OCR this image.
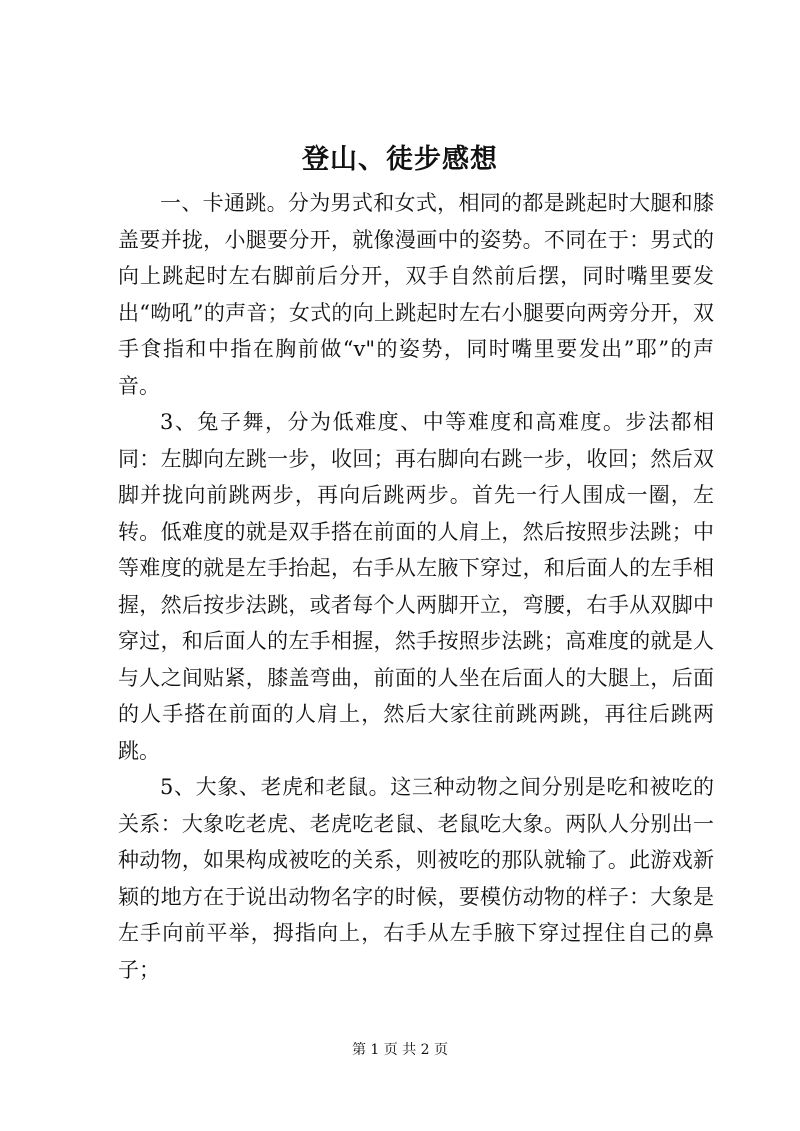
登山、徒步感想

一、卡通跳。分为男式和女式，相同的都是跳起时大腿和膝盖要并拢，小腿要分开，就像漫画中的姿势。不同在于：男式的向上跳起时左右脚前后分开，双手自然前后摆，同时嘴里要发出“呦吼”的声音；女式的向上跳起时左右小腿要向两旁分开，双手食指和中指在胸前做“v"的姿势，同时嘴里要发出”耶”的声音。

3、兔子舞，分为低难度、中等难度和高难度。步法都相同：左脚向左跳一步，收回；再右脚向右跳一步，收回；然后双脚并拢向前跳两步，再向后跳两步。首先一行人围成一圈，左转。低难度的就是双手搭在前面的人肩上，然后按照步法跳；中等难度的就是左手抬起，右手从左腋下穿过，和后面人的左手相握，然后按步法跳，或者每个人两脚开立，弯腰，右手从双脚中穿过，和后面人的左手相握，然手按照步法跳；高难度的就是人与人之间贴紧，膝盖弯曲，前面的人坐在后面人的大腿上，后面的人手搭在前面的人肩上，然后大家往前跳两跳，再往后跳两跳。

5、大象、老虎和老鼠。这三种动物之间分别是吃和被吃的关系：大象吃老虎、老虎吃老鼠、老鼠吃大象。两队人分别出一种动物，如果构成被吃的关系，则被吃的那队就输了。此游戏新颖的地方在于说出动物名字的时候，要模仿动物的样子：大象是左手向前平举，拇指向上，右手从左手腋下穿过捏住自己的鼻子；

第 1 页 共 2 页
